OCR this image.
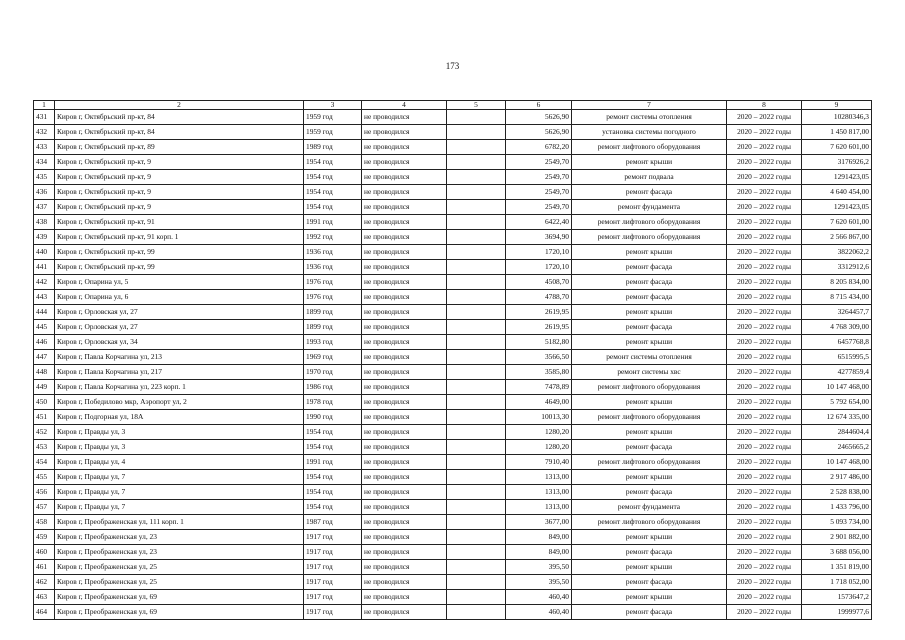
173
1	2	3	4	5	6	7	8	9
431	Киров г, Октябрьский пр-кт, 84	1959 год	не проводился		5626,90	ремонт системы отопления	2020 – 2022 годы	10280346,3
432	Киров г, Октябрьский пр-кт, 84	1959 год	не проводился		5626,90	установка системы погодного	2020 – 2022 годы	1 450 817,00
433	Киров г, Октябрьский пр-кт, 89	1989 год	не проводился		6782,20	ремонт лифтового оборудования	2020 – 2022 годы	7 620 601,00
434	Киров г, Октябрьский пр-кт, 9	1954 год	не проводился		2549,70	ремонт крыши	2020 – 2022 годы	3176926,2
435	Киров г, Октябрьский пр-кт, 9	1954 год	не проводился		2549,70	ремонт подвала	2020 – 2022 годы	1291423,05
436	Киров г, Октябрьский пр-кт, 9	1954 год	не проводился		2549,70	ремонт фасада	2020 – 2022 годы	4 640 454,00
437	Киров г, Октябрьский пр-кт, 9	1954 год	не проводился		2549,70	ремонт фундамента	2020 – 2022 годы	1291423,05
438	Киров г, Октябрьский пр-кт, 91	1991 год	не проводился		6422,40	ремонт лифтового оборудования	2020 – 2022 годы	7 620 601,00
439	Киров г, Октябрьский пр-кт, 91 корп. 1	1992 год	не проводился		3694,90	ремонт лифтового оборудования	2020 – 2022 годы	2 566 867,00
440	Киров г, Октябрьский пр-кт, 99	1936 год	не проводился		1720,10	ремонт крыши	2020 – 2022 годы	3822062,2
441	Киров г, Октябрьский пр-кт, 99	1936 год	не проводился		1720,10	ремонт фасада	2020 – 2022 годы	3312912,6
442	Киров г, Опарина ул, 5	1976 год	не проводился		4508,70	ремонт фасада	2020 – 2022 годы	8 205 834,00
443	Киров г, Опарина ул, 6	1976 год	не проводился		4788,70	ремонт фасада	2020 – 2022 годы	8 715 434,00
444	Киров г, Орловская ул, 27	1899 год	не проводился		2619,95	ремонт крыши	2020 – 2022 годы	3264457,7
445	Киров г, Орловская ул, 27	1899 год	не проводился		2619,95	ремонт фасада	2020 – 2022 годы	4 768 309,00
446	Киров г, Орловская ул, 34	1993 год	не проводился		5182,80	ремонт крыши	2020 – 2022 годы	6457768,8
447	Киров г, Павла Корчагина ул, 213	1969 год	не проводился		3566,50	ремонт системы отопления	2020 – 2022 годы	6515995,5
448	Киров г, Павла Корчагина ул, 217	1970 год	не проводился		3585,80	ремонт системы хвс	2020 – 2022 годы	4277859,4
449	Киров г, Павла Корчагина ул, 223 корп. 1	1986 год	не проводился		7478,89	ремонт лифтового оборудования	2020 – 2022 годы	10 147 468,00
450	Киров г, Победилово мкр, Аэропорт ул, 2	1978 год	не проводился		4649,00	ремонт крыши	2020 – 2022 годы	5 792 654,00
451	Киров г, Подгорная ул, 18А	1990 год	не проводился		10013,30	ремонт лифтового оборудования	2020 – 2022 годы	12 674 335,00
452	Киров г, Правды ул, 3	1954 год	не проводился		1280,20	ремонт крыши	2020 – 2022 годы	2844604,4
453	Киров г, Правды ул, 3	1954 год	не проводился		1280,20	ремонт фасада	2020 – 2022 годы	2465665,2
454	Киров г, Правды ул, 4	1991 год	не проводился		7910,40	ремонт лифтового оборудования	2020 – 2022 годы	10 147 468,00
455	Киров г, Правды ул, 7	1954 год	не проводился		1313,00	ремонт крыши	2020 – 2022 годы	2 917 486,00
456	Киров г, Правды ул, 7	1954 год	не проводился		1313,00	ремонт фасада	2020 – 2022 годы	2 528 838,00
457	Киров г, Правды ул, 7	1954 год	не проводился		1313,00	ремонт фундамента	2020 – 2022 годы	1 433 796,00
458	Киров г, Преображенская ул, 111 корп. 1	1987 год	не проводился		3677,00	ремонт лифтового оборудования	2020 – 2022 годы	5 093 734,00
459	Киров г, Преображенская ул, 23	1917 год	не проводился		849,00	ремонт крыши	2020 – 2022 годы	2 901 882,00
460	Киров г, Преображенская ул, 23	1917 год	не проводился		849,00	ремонт фасада	2020 – 2022 годы	3 688 056,00
461	Киров г, Преображенская ул, 25	1917 год	не проводился		395,50	ремонт крыши	2020 – 2022 годы	1 351 819,00
462	Киров г, Преображенская ул, 25	1917 год	не проводился		395,50	ремонт фасада	2020 – 2022 годы	1 718 052,00
463	Киров г, Преображенская ул, 69	1917 год	не проводился		460,40	ремонт крыши	2020 – 2022 годы	1573647,2
464	Киров г, Преображенская ул, 69	1917 год	не проводился		460,40	ремонт фасада	2020 – 2022 годы	1999977,6
